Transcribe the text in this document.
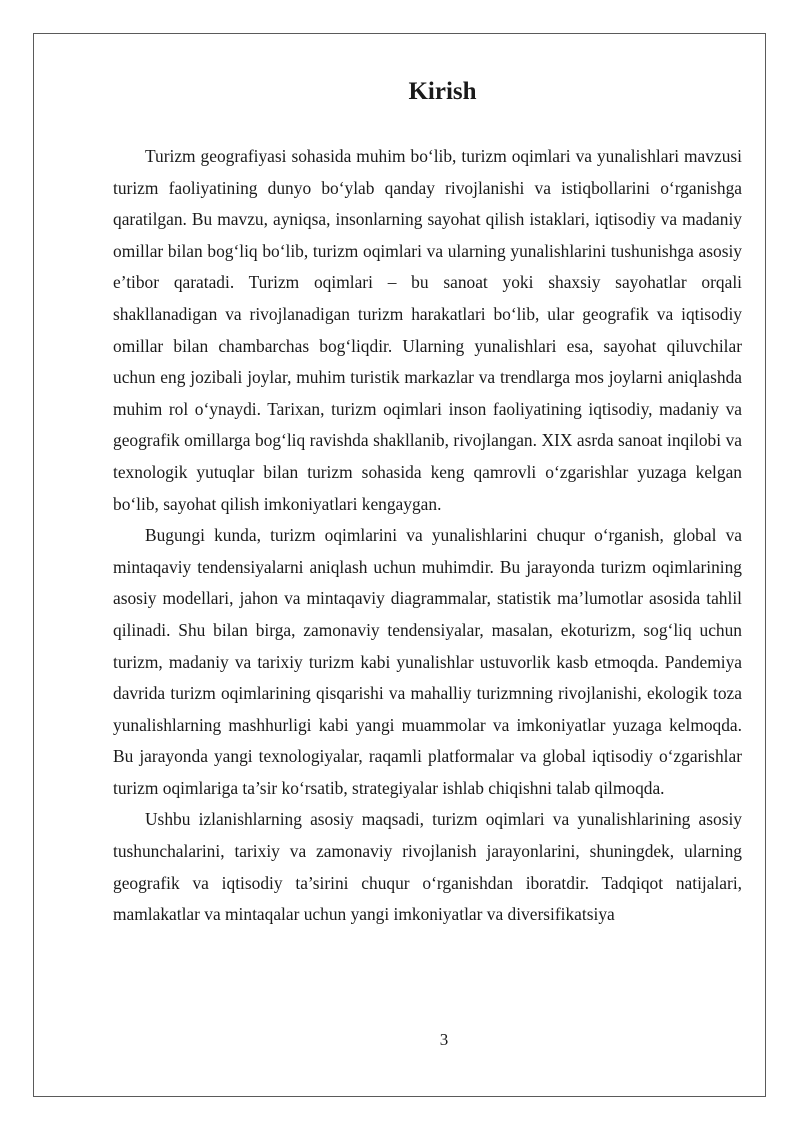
Kirish

Turizm geografiyasi sohasida muhim bo‘lib, turizm oqimlari va yunalishlari mavzusi turizm faoliyatining dunyo bo‘ylab qanday rivojlanishi va istiqbollarini o‘rganishga qaratilgan. Bu mavzu, ayniqsa, insonlarning sayohat qilish istaklari, iqtisodiy va madaniy omillar bilan bog‘liq bo‘lib, turizm oqimlari va ularning yunalishlarini tushunishga asosiy e’tibor qaratadi. Turizm oqimlari – bu sanoat yoki shaxsiy sayohatlar orqali shakllanadigan va rivojlanadigan turizm harakatlari bo‘lib, ular geografik va iqtisodiy omillar bilan chambarchas bog‘liqdir. Ularning yunalishlari esa, sayohat qiluvchilar uchun eng jozibali joylar, muhim turistik markazlar va trendlarga mos joylarni aniqlashda muhim rol o‘ynaydi. Tarixan, turizm oqimlari inson faoliyatining iqtisodiy, madaniy va geografik omillarga bog‘liq ravishda shakllanib, rivojlangan. XIX asrda sanoat inqilobi va texnologik yutuqlar bilan turizm sohasida keng qamrovli o‘zgarishlar yuzaga kelgan bo‘lib, sayohat qilish imkoniyatlari kengaygan.

Bugungi kunda, turizm oqimlarini va yunalishlarini chuqur o‘rganish, global va mintaqaviy tendensiyalarni aniqlash uchun muhimdir. Bu jarayonda turizm oqimlarining asosiy modellari, jahon va mintaqaviy diagrammalar, statistik ma’lumotlar asosida tahlil qilinadi. Shu bilan birga, zamonaviy tendensiyalar, masalan, ekoturizm, sog‘liq uchun turizm, madaniy va tarixiy turizm kabi yunalishlar ustuvorlik kasb etmoqda. Pandemiya davrida turizm oqimlarining qisqarishi va mahalliy turizmning rivojlanishi, ekologik toza yunalishlarning mashhurligi kabi yangi muammolar va imkoniyatlar yuzaga kelmoqda. Bu jarayonda yangi texnologiyalar, raqamli platformalar va global iqtisodiy o‘zgarishlar turizm oqimlariga ta’sir ko‘rsatib, strategiyalar ishlab chiqishni talab qilmoqda.

Ushbu izlanishlarning asosiy maqsadi, turizm oqimlari va yunalishlarining asosiy tushunchalarini, tarixiy va zamonaviy rivojlanish jarayonlarini, shuningdek, ularning geografik va iqtisodiy ta’sirini chuqur o‘rganishdan iboratdir. Tadqiqot natijalari, mamlakatlar va mintaqalar uchun yangi imkoniyatlar va diversifikatsiya

3
